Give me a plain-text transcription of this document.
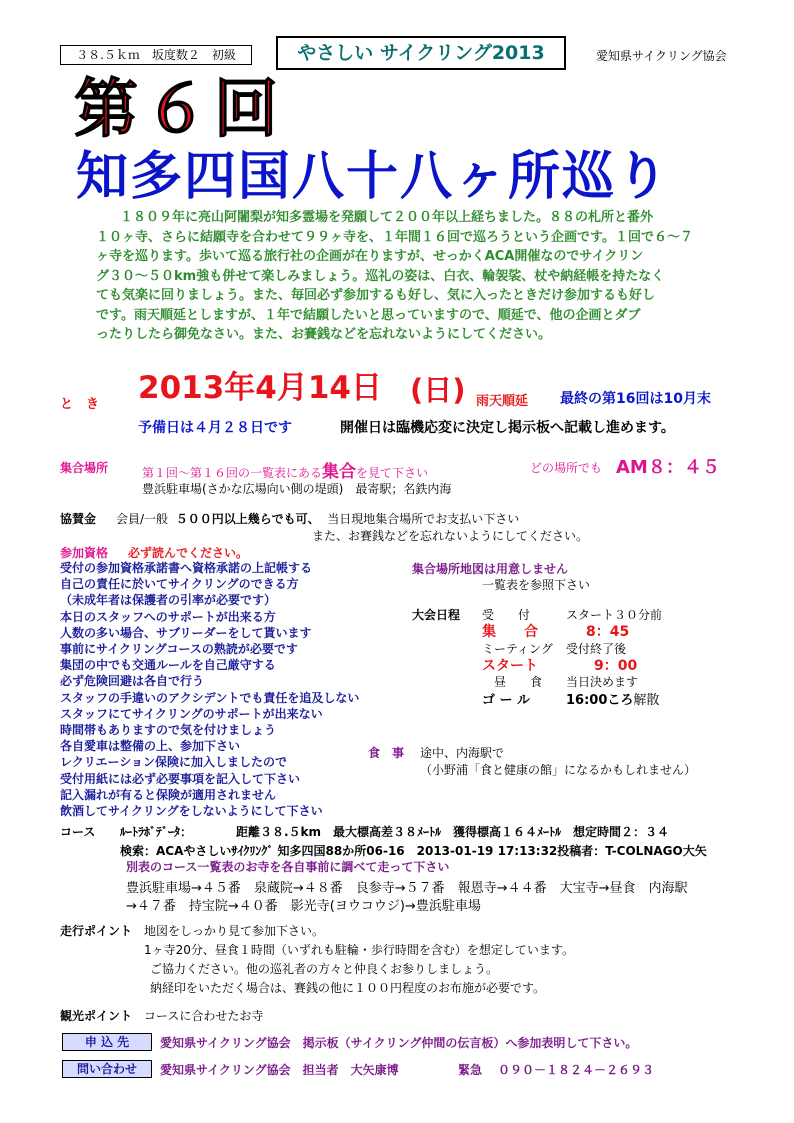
３８.５ｋｍ　坂度数２　初級	やさしい サイクリング2013	愛知県サイクリング協会
第６回
知多四国八十八ヶ所巡り
１８０９年に亮山阿闍梨が知多霊場を発願して２００年以上経ちました。８８の札所と番外
１０ヶ寺、さらに結願寺を合わせて９９ヶ寺を、１年間１６回で巡ろうという企画です。１回で６～７
ヶ寺を巡ります。歩いて巡る旅行社の企画が在りますが、せっかくACA開催なのでサイクリン
グ３０～５０km強も併せて楽しみましょう。巡礼の姿は、白衣、輪袈裟、杖や納経帳を持たなく
ても気楽に回りましょう。また、毎回必ず参加するも好し、気に入ったときだけ参加するも好し
です。雨天順延としますが、１年で結願したいと思っていますので、順延で、他の企画とダブ
ったりしたら御免なさい。また、お賽銭などを忘れないようにしてください。
と　き 2013年4月14日 (日) 雨天順延 最終の第16回は10月末
予備日は４月２８日です	開催日は臨機応変に決定し掲示板へ記載し進めます。
集合場所	第１回～第１６回の一覧表にある集合を見て下さい	どの場所でも AM８：４５
豊浜駐車場(さかな広場向い側の堤頭)　最寄駅；名鉄内海
協賛金 会員/一般 ５００円以上幾らでも可、 当日現地集合場所でお支払い下さい
また、お賽銭などを忘れないようにしてください。
参加資格 必ず読んでください。
受付の参加資格承諾書へ資格承諾の上記帳する
自己の責任に於いてサイクリングのできる方
（未成年者は保護者の引率が必要です）
本日のスタッフへのサポートが出来る方
人数の多い場合、サブリーダーをして貰います
事前にサイクリングコースの熟読が必要です
集団の中でも交通ルールを自己厳守する
必ず危険回避は各自で行う
スタッフの手違いのアクシデントでも責任を追及しない
スタッフにてサイクリングのサポートが出来ない
時間帯もありますので気を付けましょう
各自愛車は整備の上、参加下さい
レクリエーション保険に加入しましたので
受付用紙には必ず必要事項を記入して下さい
記入漏れが有ると保険が適用されません
飲酒してサイクリングをしないようにして下さい
集合場所地図は用意しません
一覧表を参照下さい
大会日程 受　　付	スタート３０分前
集　　合	8：45
ミーティング 受付終了後
スタート	9：00
昼　　食 当日決めます
ゴ ー ル	16:00ころ解散
食　事 途中、内海駅で
（小野浦「食と健康の館」になるかもしれません）
コース ﾙｰﾄﾗﾎﾞﾃﾞｰﾀ：	距離３８.５km　最大標高差３８ﾒｰﾄﾙ　獲得標高１６４ﾒｰﾄﾙ　想定時間２：３４
検索：ACAやさしいｻｲｸﾘﾝｸﾞ 知多四国88か所06-16　2013-01-19 17:13:32投稿者：T-COLNAGO大矢
別表のコース一覧表のお寺を各自事前に調べて走って下さい
豊浜駐車場→４５番　泉蔵院→４８番　良参寺→５７番　報恩寺→４４番　大宝寺→昼食　内海駅
→４７番　持宝院→４０番　影光寺(ヨウコウジ)→豊浜駐車場
走行ポイント 地図をしっかり見て参加下さい。
1ヶ寺20分、昼食１時間（いずれも駐輪・歩行時間を含む）を想定しています。
ご協力ください。他の巡礼者の方々と仲良くお参りしましょう。
納経印をいただく場合は、賽銭の他に１００円程度のお布施が必要です。
観光ポイント コースに合わせたお寺
申 込 先	愛知県サイクリング協会　掲示板（サイクリング仲間の伝言板）へ参加表明して下さい。
問い合わせ	愛知県サイクリング協会　担当者　大矢康博	緊急 ０９０－１８２４－２６９３
